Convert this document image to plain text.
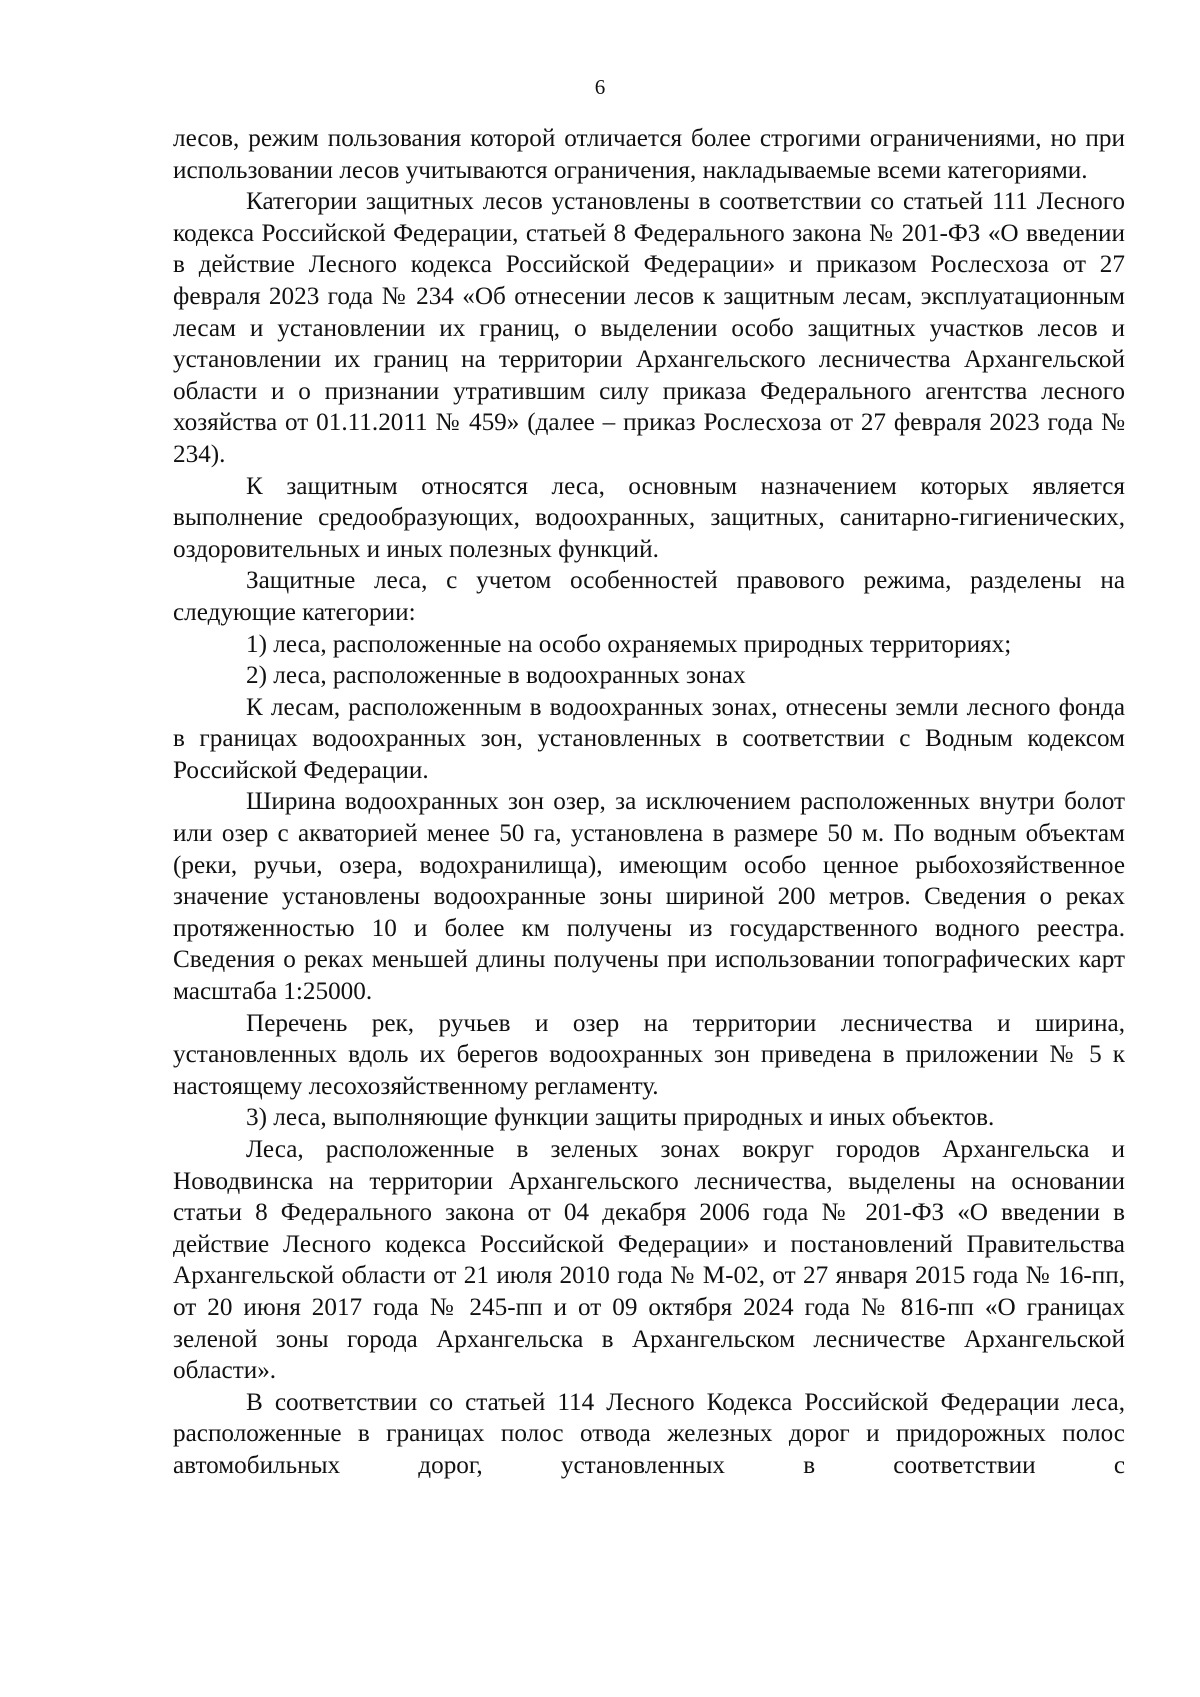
6

лесов, режим пользования которой отличается более строгими ограничениями, но при использовании лесов учитываются ограничения, накладываемые всеми категориями.

Категории защитных лесов установлены в соответствии со статьей 111 Лесного кодекса Российской Федерации, статьей 8 Федерального закона № 201-ФЗ «О введении в действие Лесного кодекса Российской Федерации» и приказом Рослесхоза от 27 февраля 2023 года № 234 «Об отнесении лесов к защитным лесам, эксплуатационным лесам и установлении их границ, о выделении особо защитных участков лесов и установлении их границ на территории Архангельского лесничества Архангельской области и о признании утратившим силу приказа Федерального агентства лесного хозяйства от 01.11.2011 № 459» (далее – приказ Рослесхоза от 27 февраля 2023 года № 234).

К защитным относятся леса, основным назначением которых является выполнение средообразующих, водоохранных, защитных, санитарно-гигиенических, оздоровительных и иных полезных функций.

Защитные леса, с учетом особенностей правового режима, разделены на следующие категории:

1) леса, расположенные на особо охраняемых природных территориях;

2) леса, расположенные в водоохранных зонах

К лесам, расположенным в водоохранных зонах, отнесены земли лесного фонда в границах водоохранных зон, установленных в соответствии с Водным кодексом Российской Федерации.

Ширина водоохранных зон озер, за исключением расположенных внутри болот или озер с акваторией менее 50 га, установлена в размере 50 м. По водным объектам (реки, ручьи, озера, водохранилища), имеющим особо ценное рыбохозяйственное значение установлены водоохранные зоны шириной 200 метров. Сведения о реках протяженностью 10 и более км получены из государственного водного реестра. Сведения о реках меньшей длины получены при использовании топографических карт масштаба 1:25000.

Перечень рек, ручьев и озер на территории лесничества и ширина, установленных вдоль их берегов водоохранных зон приведена в приложении № 5 к настоящему лесохозяйственному регламенту.

3) леса, выполняющие функции защиты природных и иных объектов.

Леса, расположенные в зеленых зонах вокруг городов Архангельска и Новодвинска на территории Архангельского лесничества, выделены на основании статьи 8 Федерального закона от 04 декабря 2006 года № 201-ФЗ «О введении в действие Лесного кодекса Российской Федерации» и постановлений Правительства Архангельской области от 21 июля 2010 года № М-02, от 27 января 2015 года № 16-пп, от 20 июня 2017 года № 245-пп и от 09 октября 2024 года № 816-пп «О границах зеленой зоны города Архангельска в Архангельском лесничестве Архангельской области».

В соответствии со статьей 114 Лесного Кодекса Российской Федерации леса, расположенные в границах полос отвода железных дорог и придорожных полос автомобильных дорог, установленных в соответствии с
